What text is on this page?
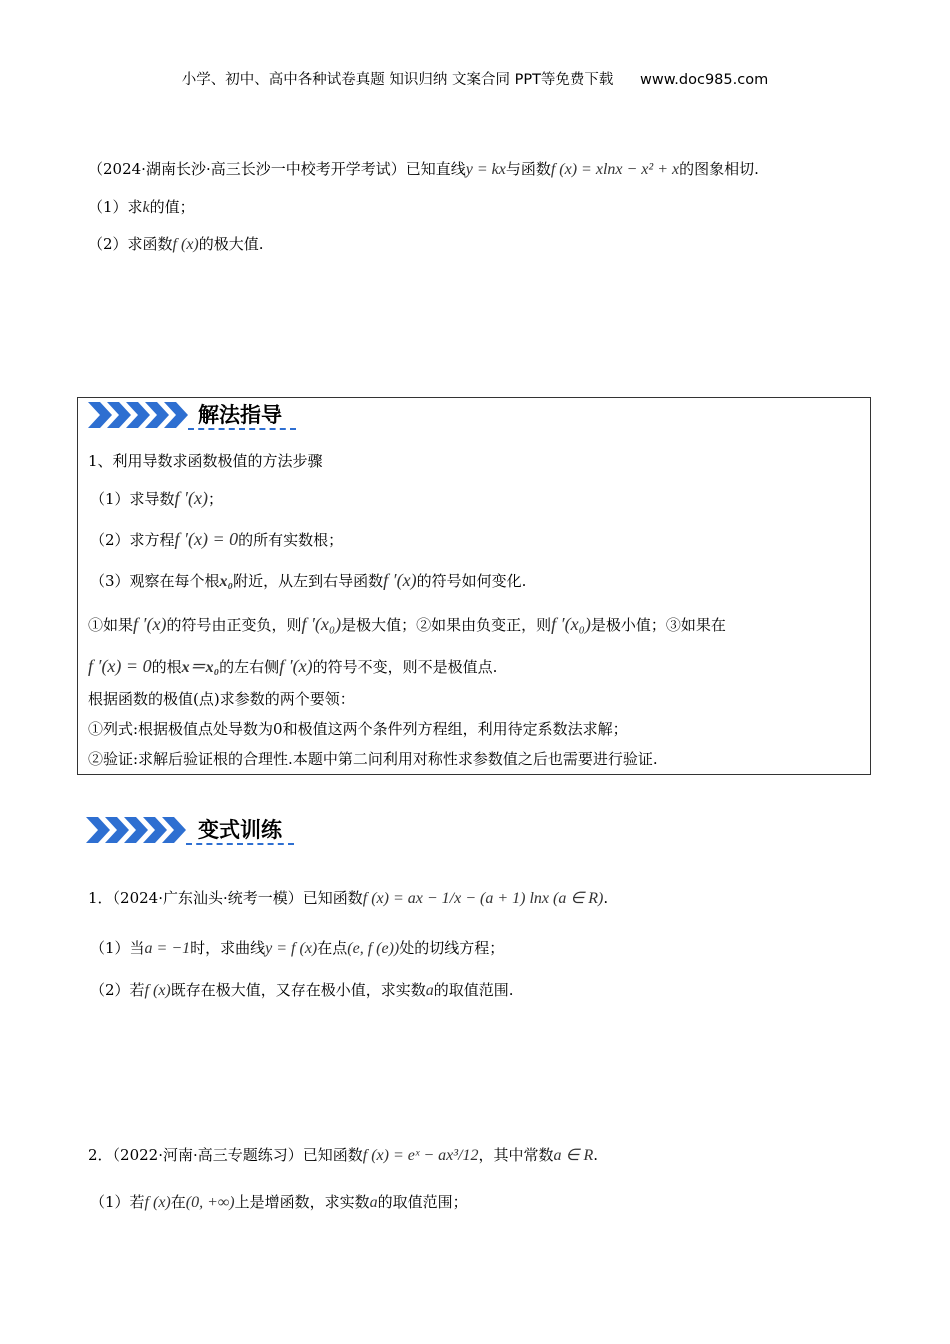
小学、初中、高中各种试卷真题 知识归纳 文案合同 PPT等免费下载 www.doc985.com
（2024·湖南长沙·高三长沙一中校考开学考试）已知直线y = kx与函数f (x) = xlnx − x² + x的图象相切.
（1）求k的值；
（2）求函数f (x)的极大值.
解法指导
1、利用导数求函数极值的方法步骤
（1）求导数f ′(x)；
（2）求方程f ′(x) = 0的所有实数根；
（3）观察在每个根x₀附近，从左到右导函数f ′(x)的符号如何变化.
①如果f ′(x)的符号由正变负，则f ′(x₀)是极大值；②如果由负变正，则f ′(x₀)是极小值；③如果在
f ′(x) = 0的根x＝x₀的左右侧f ′(x)的符号不变，则不是极值点.
根据函数的极值(点)求参数的两个要领：
①列式:根据极值点处导数为0和极值这两个条件列方程组，利用待定系数法求解；
②验证:求解后验证根的合理性.本题中第二问利用对称性求参数值之后也需要进行验证.
变式训练
1．（2024·广东汕头·统考一模）已知函数f (x) = ax − 1/x − (a + 1) lnx (a ∈ R).
（1）当a = −1时，求曲线y = f (x)在点(e, f (e))处的切线方程；
（2）若f (x)既存在极大值，又存在极小值，求实数a的取值范围.
2．（2022·河南·高三专题练习）已知函数f (x) = eˣ − ax³/12，其中常数a ∈ R.
（1）若f (x)在(0, +∞)上是增函数，求实数a的取值范围；
